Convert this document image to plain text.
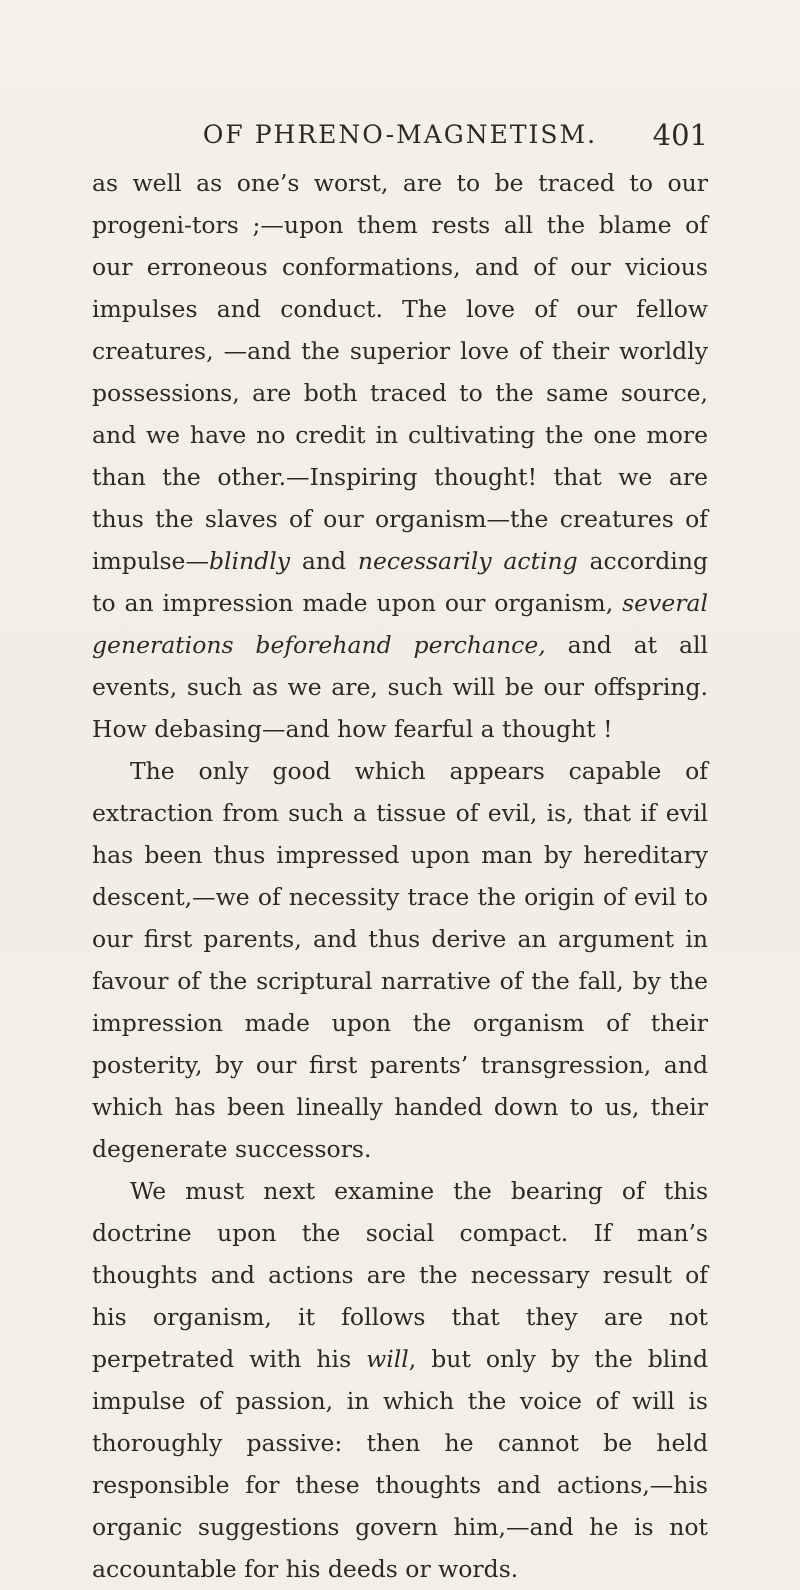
OF PHRENO-MAGNETISM.	401

as well as one’s worst, are to be traced to our progeni-tors ;—upon them rests all the blame of our erroneous conformations, and of our vicious impulses and conduct. The love of our fellow creatures, —and the superior love of their worldly possessions, are both traced to the same source, and we have no credit in cultivating the one more than the other.—Inspiring thought! that we are thus the slaves of our organism—the creatures of impulse—blindly and necessarily acting according to an impression made upon our organism, several generations beforehand perchance, and at all events, such as we are, such will be our offspring. How debasing—and how fearful a thought !

The only good which appears capable of extraction from such a tissue of evil, is, that if evil has been thus impressed upon man by hereditary descent,—we of necessity trace the origin of evil to our first parents, and thus derive an argument in favour of the scriptural narrative of the fall, by the impression made upon the organism of their posterity, by our first parents’ transgression, and which has been lineally handed down to us, their degenerate successors.

We must next examine the bearing of this doctrine upon the social compact. If man’s thoughts and actions are the necessary result of his organism, it follows that they are not perpetrated with his will, but only by the blind impulse of passion, in which the voice of will is thoroughly passive: then he cannot be held responsible for these thoughts and actions,—his organic suggestions govern him,—and he is not accountable for his deeds or words.
